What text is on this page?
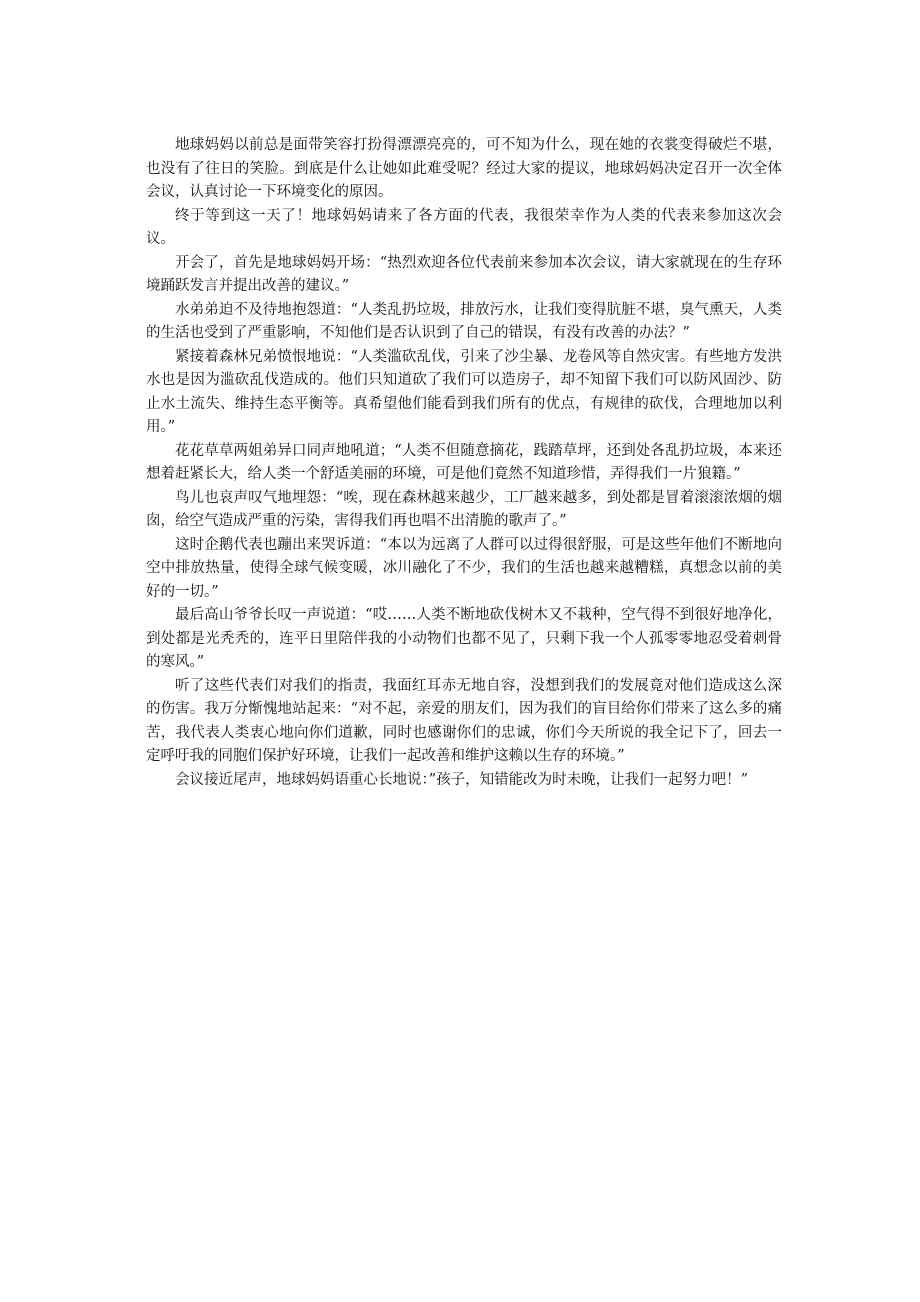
地球妈妈以前总是面带笑容打扮得漂漂亮亮的，可不知为什么，现在她的衣裳变得破烂不堪，也没有了往日的笑脸。到底是什么让她如此难受呢？经过大家的提议，地球妈妈决定召开一次全体会议，认真讨论一下环境变化的原因。

终于等到这一天了！地球妈妈请来了各方面的代表，我很荣幸作为人类的代表来参加这次会议。

开会了，首先是地球妈妈开场：“热烈欢迎各位代表前来参加本次会议，请大家就现在的生存环境踊跃发言并提出改善的建议。”

水弟弟迫不及待地抱怨道：“人类乱扔垃圾，排放污水，让我们变得肮脏不堪，臭气熏天，人类的生活也受到了严重影响，不知他们是否认识到了自己的错误，有没有改善的办法？”

紧接着森林兄弟愤恨地说：“人类滥砍乱伐，引来了沙尘暴、龙卷风等自然灾害。有些地方发洪水也是因为滥砍乱伐造成的。他们只知道砍了我们可以造房子，却不知留下我们可以防风固沙、防止水土流失、维持生态平衡等。真希望他们能看到我们所有的优点，有规律的砍伐，合理地加以利用。”

花花草草两姐弟异口同声地吼道；“人类不但随意摘花，践踏草坪，还到处各乱扔垃圾，本来还想着赶紧长大，给人类一个舒适美丽的环境，可是他们竟然不知道珍惜，弄得我们一片狼籍。”

鸟儿也哀声叹气地埋怨：“唉，现在森林越来越少，工厂越来越多，到处都是冒着滚滚浓烟的烟囱，给空气造成严重的污染，害得我们再也唱不出清脆的歌声了。”

这时企鹅代表也蹦出来哭诉道：“本以为远离了人群可以过得很舒服，可是这些年他们不断地向空中排放热量，使得全球气候变暖，冰川融化了不少，我们的生活也越来越糟糕，真想念以前的美好的一切。”

最后高山爷爷长叹一声说道：“哎……人类不断地砍伐树木又不栽种，空气得不到很好地净化，到处都是光秃秃的，连平日里陪伴我的小动物们也都不见了，只剩下我一个人孤零零地忍受着刺骨的寒风。”

听了这些代表们对我们的指责，我面红耳赤无地自容，没想到我们的发展竟对他们造成这么深的伤害。我万分惭愧地站起来：“对不起，亲爱的朋友们，因为我们的盲目给你们带来了这么多的痛苦，我代表人类衷心地向你们道歉，同时也感谢你们的忠诚，你们今天所说的我全记下了，回去一定呼吁我的同胞们保护好环境，让我们一起改善和维护这赖以生存的环境。”

会议接近尾声，地球妈妈语重心长地说：”孩子，知错能改为时未晚，让我们一起努力吧！”
